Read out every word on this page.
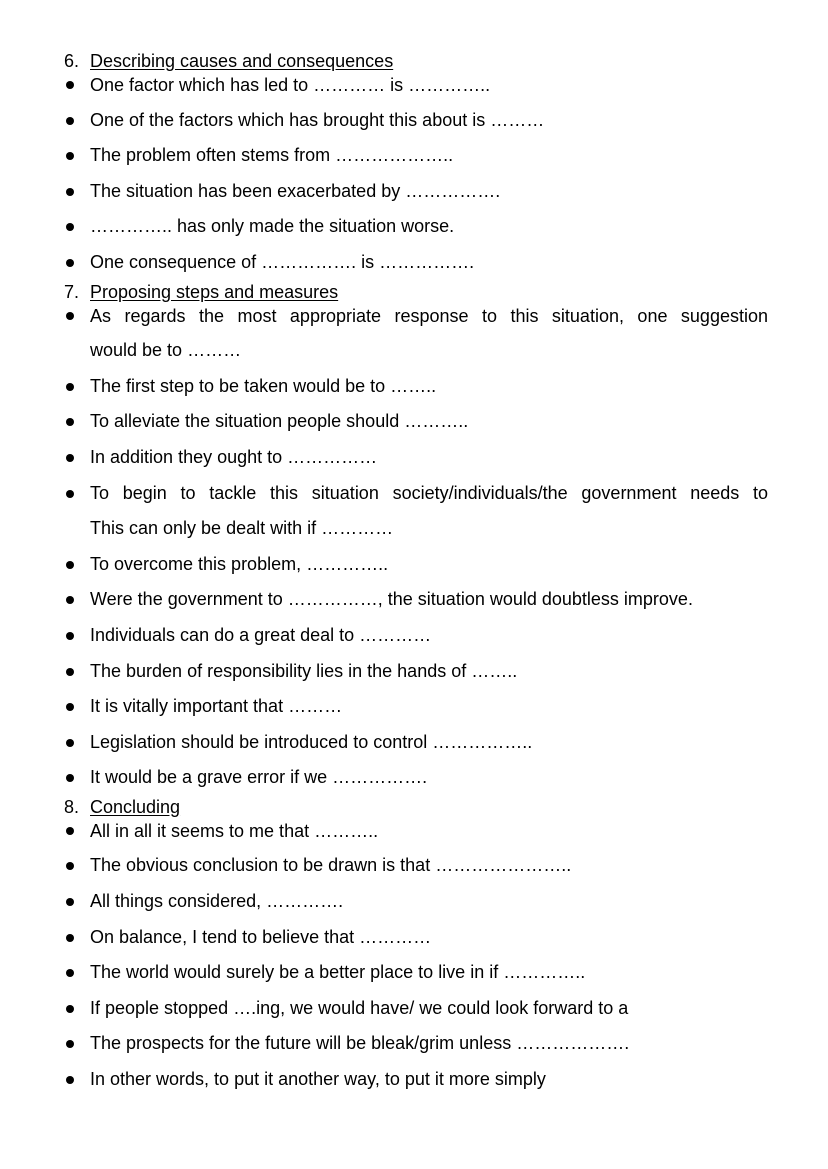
6. Describing causes and consequences
One factor which has led to ………… is …………..
One of the factors which has brought this about is ………
The problem often stems from ………………..
The situation has been exacerbated by …………….
………….. has only made the situation worse.
One consequence of ……………. is …………….
7. Proposing steps and measures
As regards the most appropriate response to this situation, one suggestion
would be to ………
The first step to be taken would be to ……..
To alleviate the situation people should ………..
In addition they ought to ……………
To begin to tackle this situation society/individuals/the government needs to
This can only be dealt with if …………
To overcome this problem, …………..
Were the government to ……………, the situation would doubtless improve.
Individuals can do a great deal to …………
The burden of responsibility lies in the hands of ……..
It is vitally important that ………
Legislation should be introduced to control ……………..
It would be a grave error if we …………….
8. Concluding
All in all it seems to me that ………..
The obvious conclusion to be drawn is that …………………..
All things considered, ………….
On balance, I tend to believe that …………
The world would surely be a better place to live in if …………..
If people stopped ….ing, we would have/ we could look forward to a
The prospects for the future will be bleak/grim unless ……………….
In other words, to put it another way, to put it more simply
